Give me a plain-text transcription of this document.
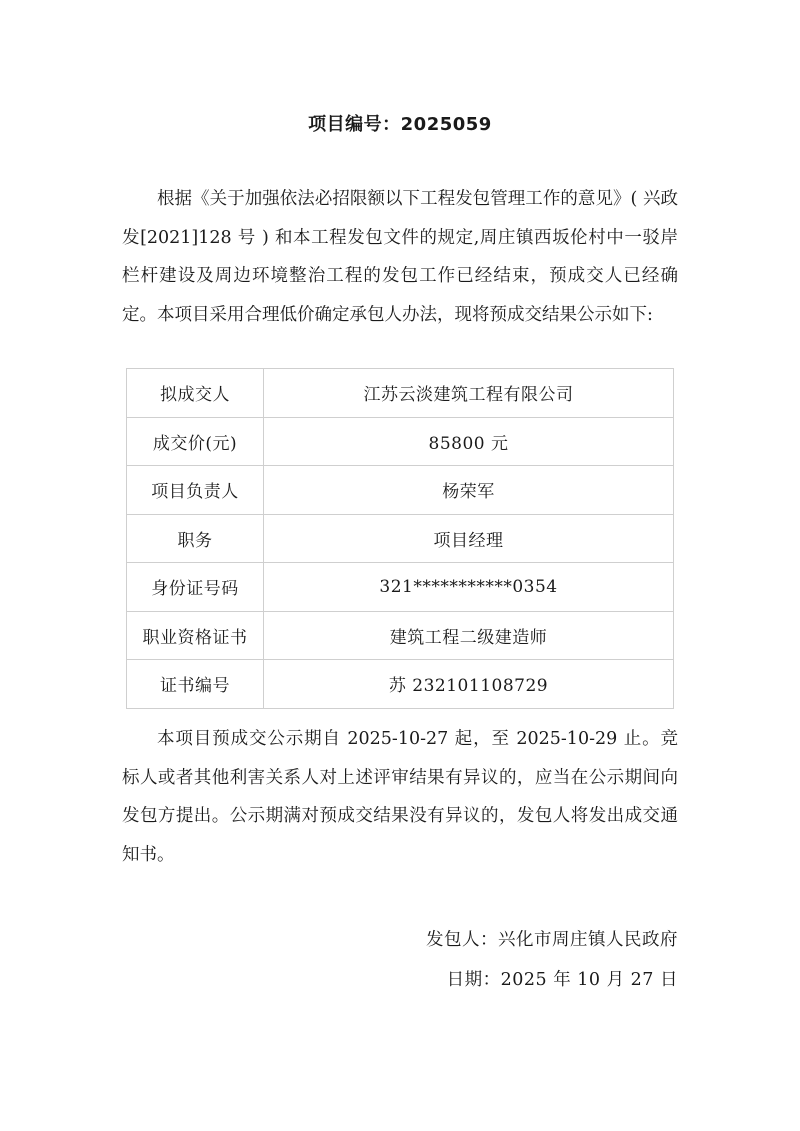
项目编号：2025059

根据《关于加强依法必招限额以下工程发包管理工作的意见》( 兴政发[2021]128 号 ) 和本工程发包文件的规定,周庄镇西坂伦村中一驳岸栏杆建设及周边环境整治工程的发包工作已经结束，预成交人已经确定。本项目采用合理低价确定承包人办法，现将预成交结果公示如下:

拟成交人	江苏云淡建筑工程有限公司
成交价(元)	85800 元
项目负责人	杨荣军
职务	项目经理
身份证号码	321***********0354
职业资格证书	建筑工程二级建造师
证书编号	苏 232101108729

本项目预成交公示期自 2025-10-27 起，至 2025-10-29 止。竞标人或者其他利害关系人对上述评审结果有异议的，应当在公示期间向发包方提出。公示期满对预成交结果没有异议的，发包人将发出成交通知书。

发包人：兴化市周庄镇人民政府
日期：2025 年 10 月 27 日
